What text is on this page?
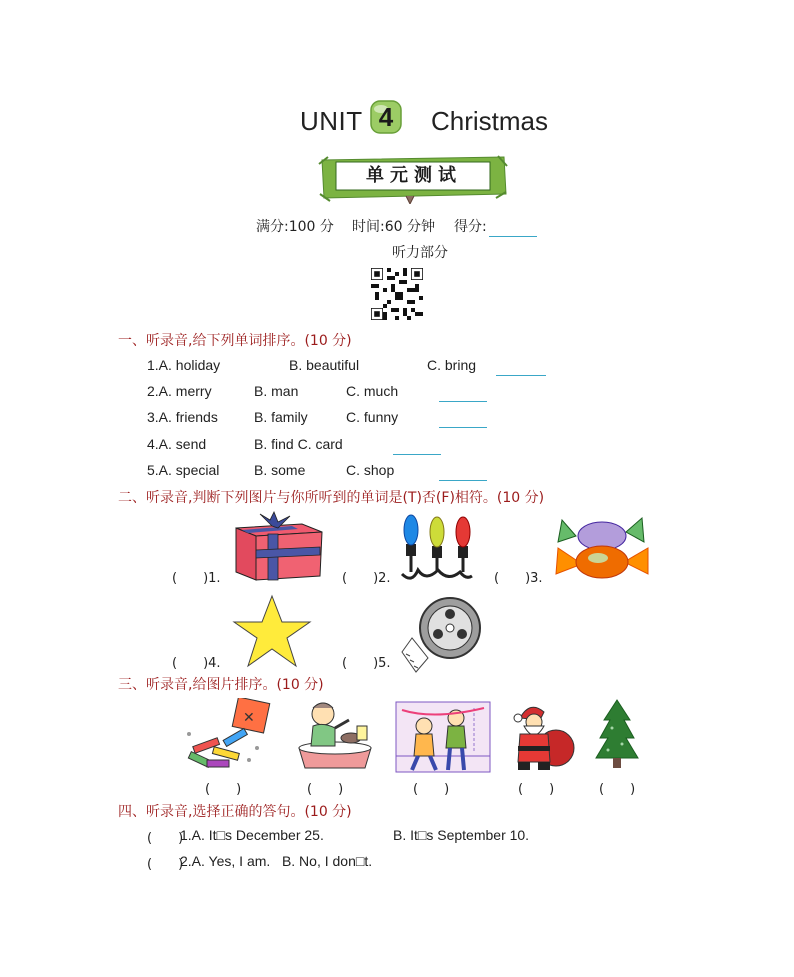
UNIT 4	Christmas
单元测试
满分:100 分 时间:60 分钟 得分:
听力部分
一、听录音,给下列单词排序。(10 分)
1.A. holiday	B. beautiful	C. bring
2.A. merry	B. man	C. much
3.A. friends	B. family	C. funny
4.A. send	B. find C. card
5.A. special B. some	C. shop
二、听录音,判断下列图片与你所听到的单词是(T)否(F)相符。(10 分)
(　　)1.	(　　)2.	(　　)3.
(　　)4.	(　　)5.
三、听录音,给图片排序。(10 分)
✕
(　　)	(　　)	(　　)	(　　)	(　　)
四、听录音,选择正确的答句。(10 分)
(　　)
1.A. It□s December 25.	B. It□s September 10.
(　　)
2.A. Yes, I am.   B. No, I don□t.
